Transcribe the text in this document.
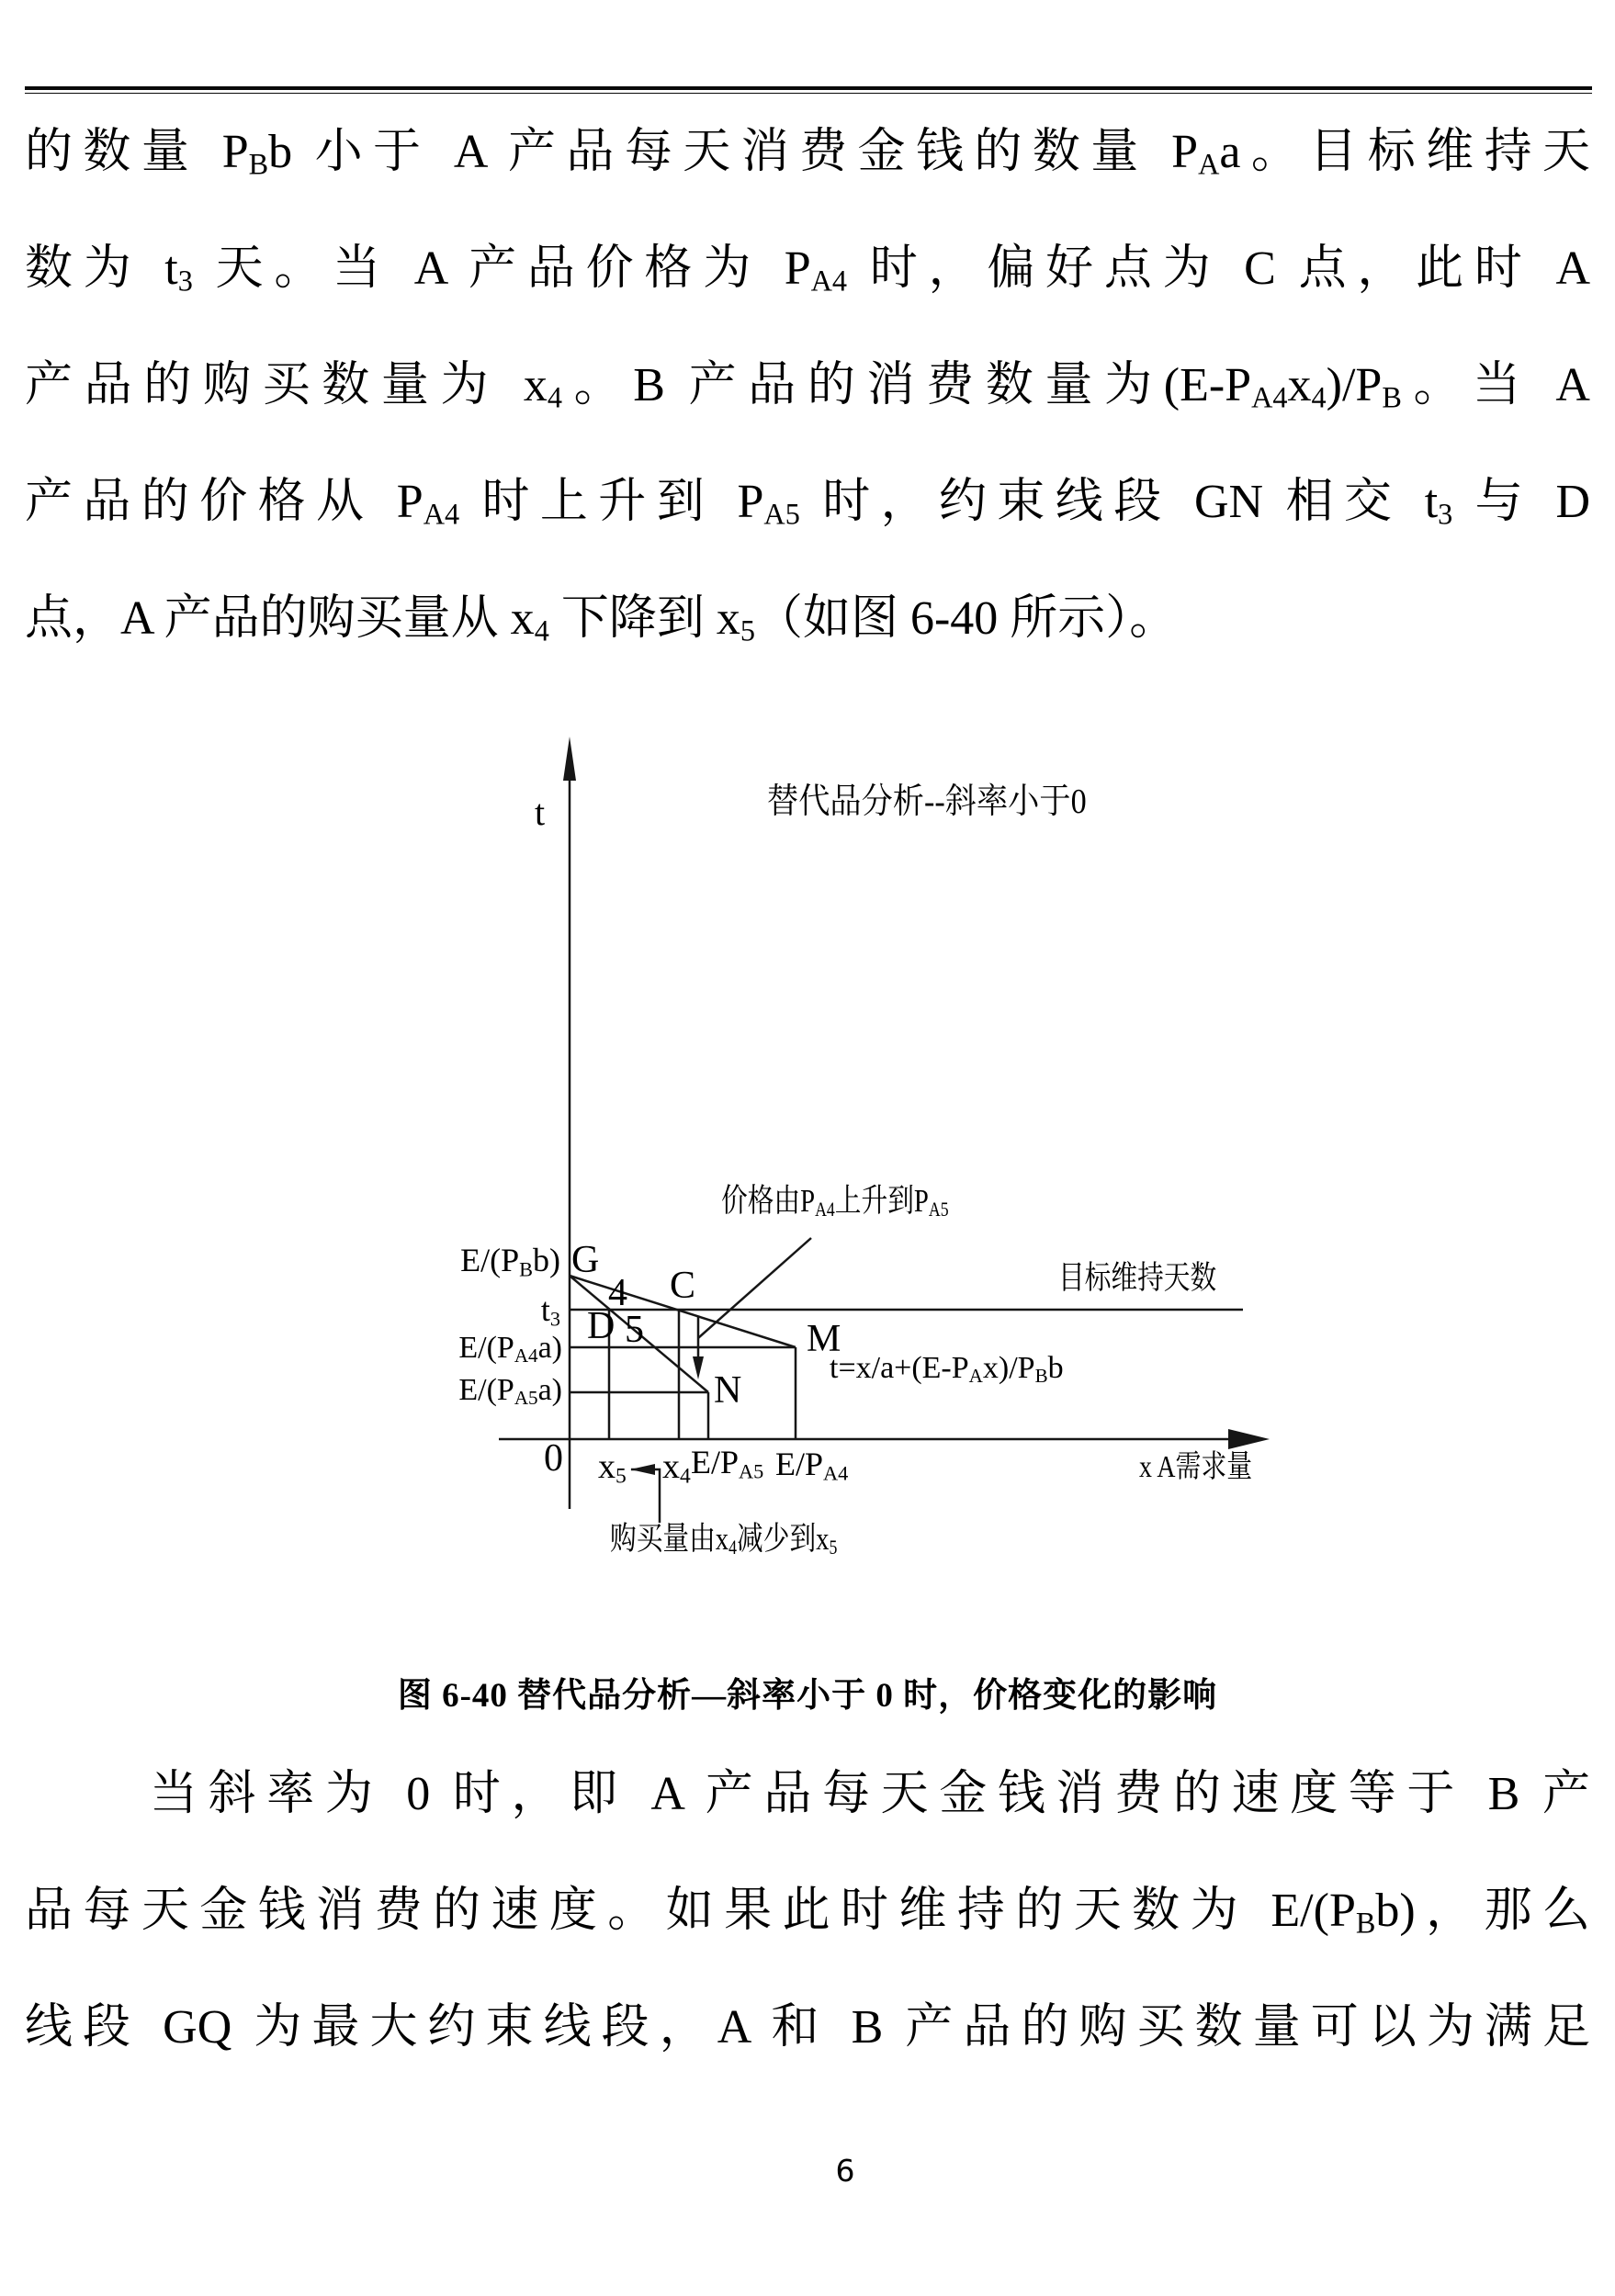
的数量 $P_Bb$ 小于 A 产品每天消费金钱的数量 $P_Aa$。目标维持天
数为 $t_3$ 天。当 A 产品价格为 $P_{A4}$ 时，偏好点为 C 点，此时 A
产品的购买数量为 $x_4$。B 产品的消费数量为$(E-P_{A4}x_4)/P_B$。当 A
产品的价格从 $P_{A4}$ 时上升到 $P_{A5}$ 时，约束线段 GN 相交 $t_3$ 与 D
点，A 产品的购买量从 $x_4$ 下降到 $x_5$（如图 6-40 所示）。
t	替代品分析--斜率小于0
价格由$P_{A4}$上升到$P_{A5}$
$E/(P_Bb)$ G
4 C	目标维持天数
$t_3$ D 5
$E/(P_{A4}a)$	M
$t=x/a+(E-P_Ax)/P_Bb$
$E/(P_{A5}a)$	N
0 $x_5$ $x_4$ $E/P_{A5}$ $E/P_{A4}$	x A需求量
购买量由$x_4$减少到$x_5$
图 6-40 替代品分析—斜率小于 0 时，价格变化的影响
当斜率为 0 时，即 A 产品每天金钱消费的速度等于 B 产
品每天金钱消费的速度。如果此时维持的天数为 $E/(P_Bb)$，那么
线段 GQ 为最大约束线段，A 和 B 产品的购买数量可以为满足
6
